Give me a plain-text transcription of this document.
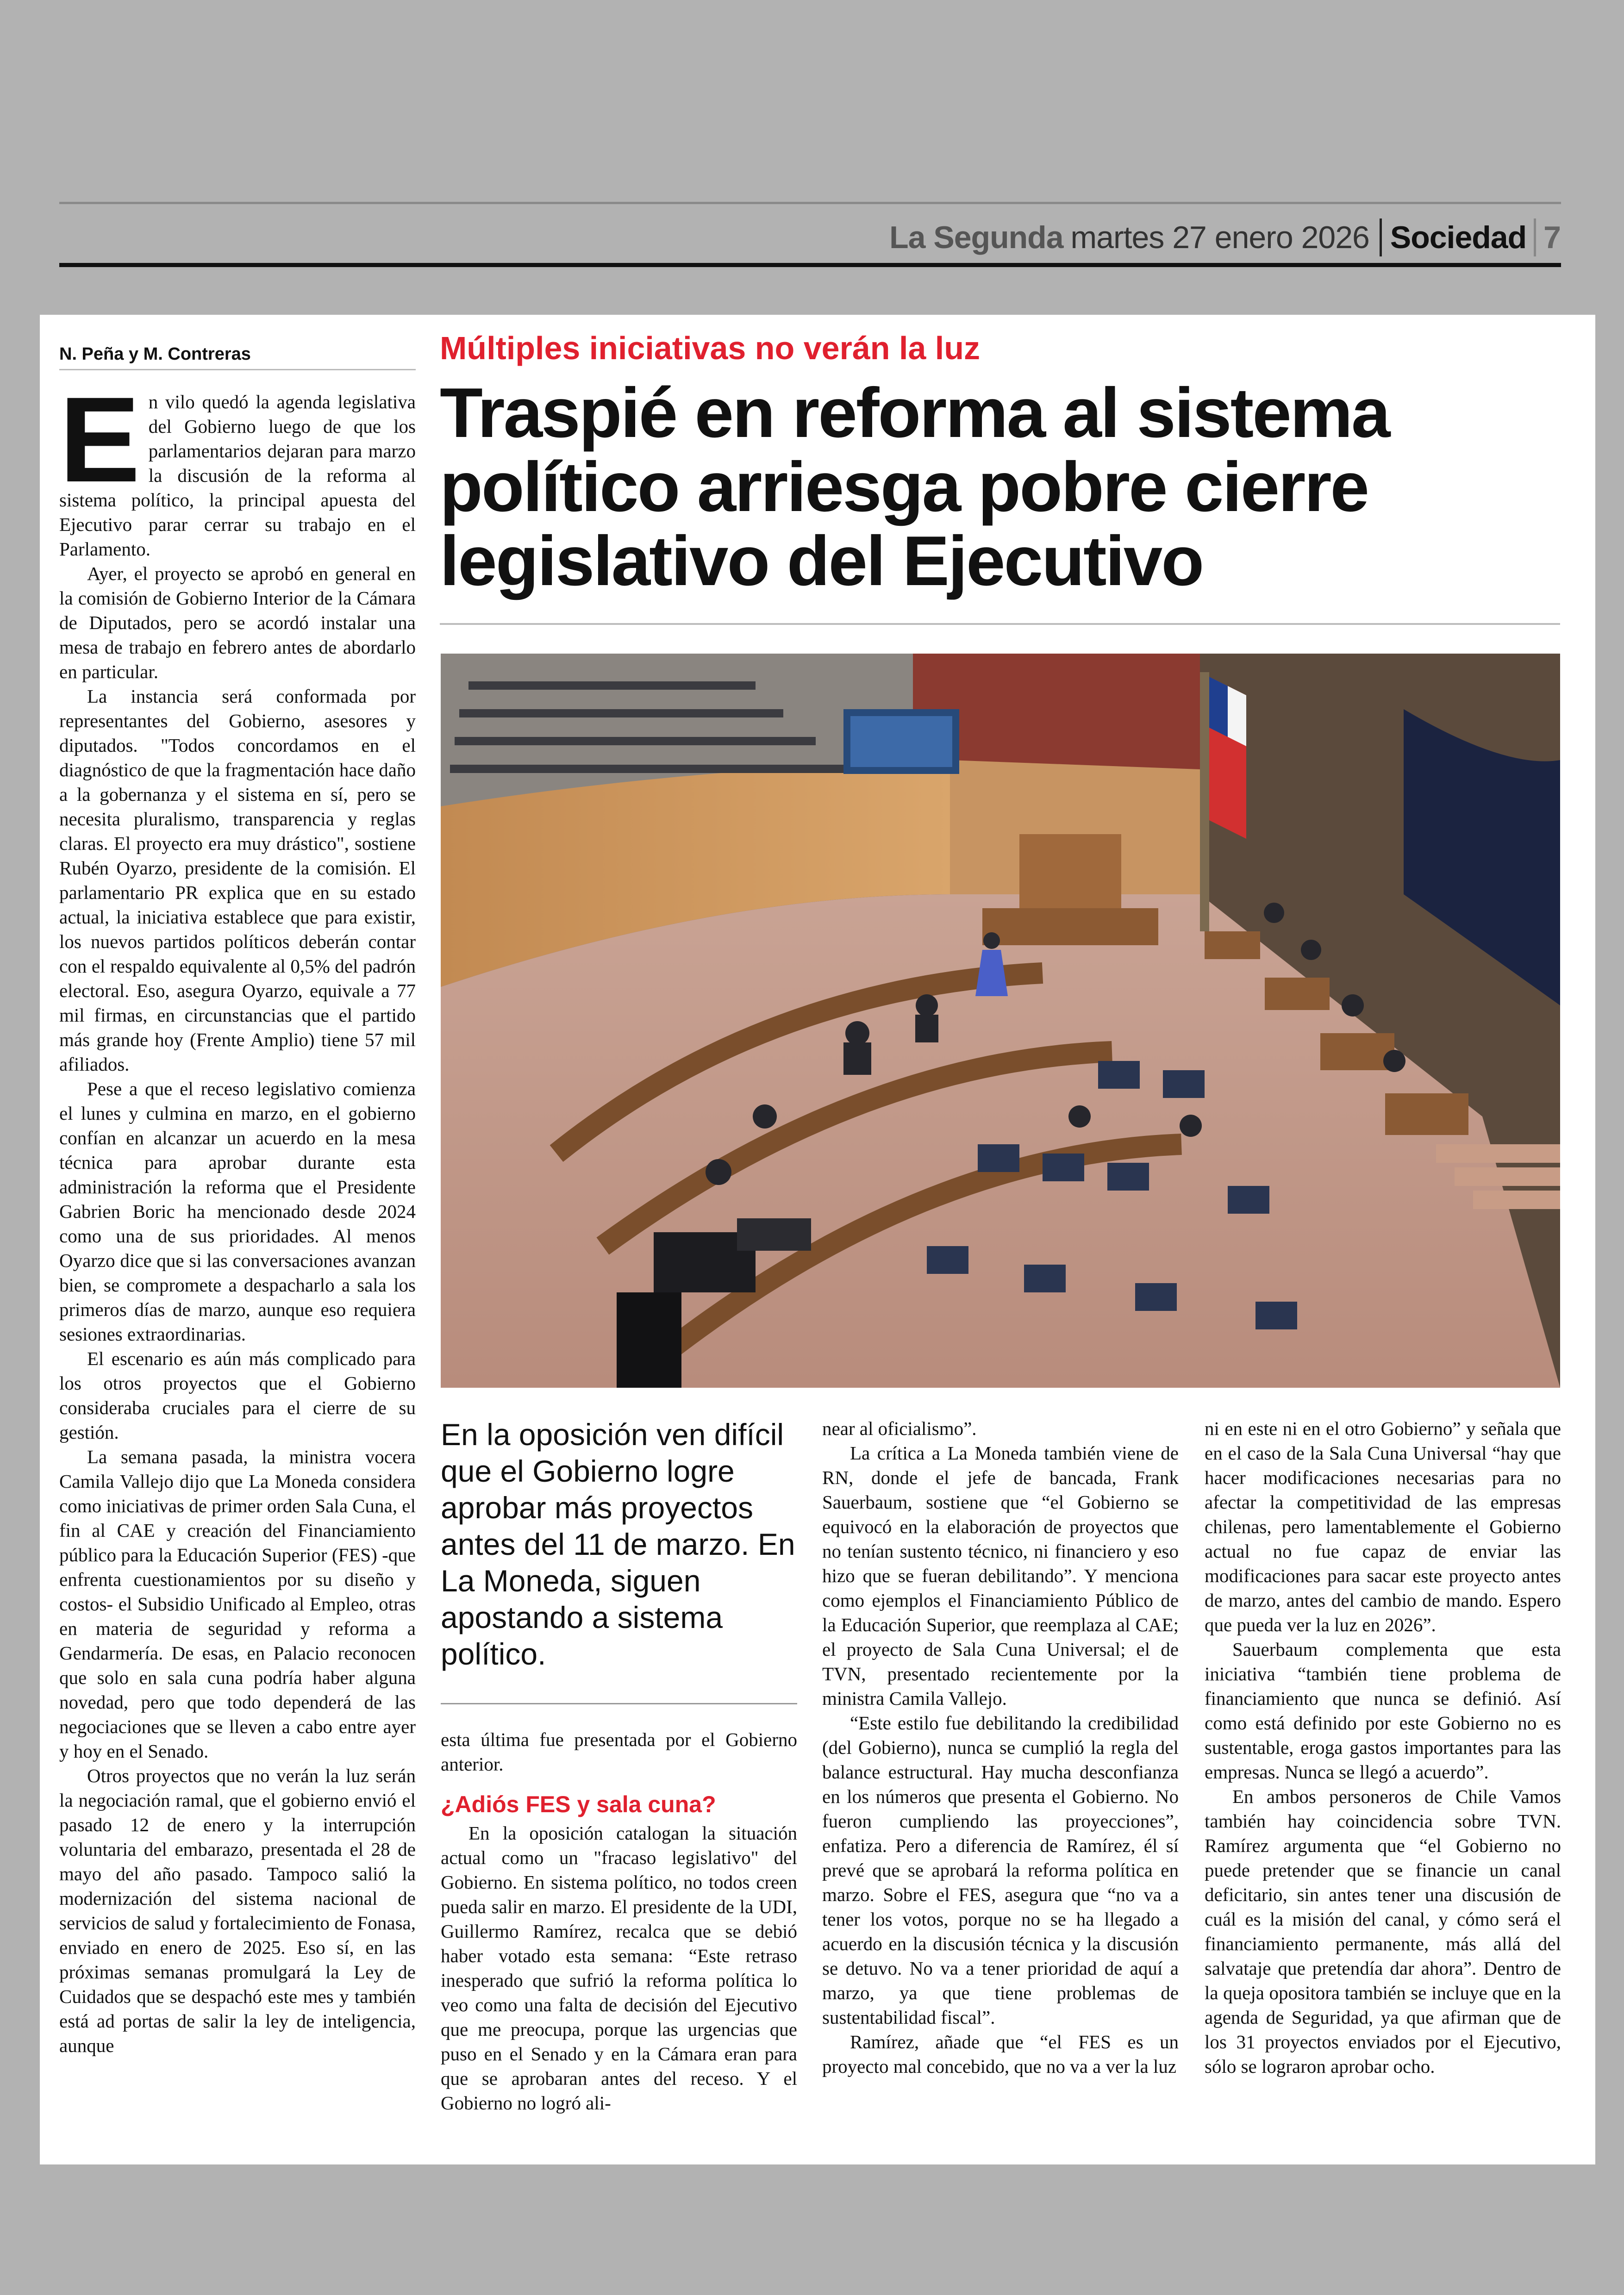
La Segunda martes 27 enero 2026 Sociedad 7
N. Peña y M. Contreras

En vilo quedó la agenda legislativa del Gobierno luego de que los parlamentarios dejaran para marzo la discusión de la reforma al sistema político, la principal apuesta del Ejecutivo parar cerrar su trabajo en el Parlamento.

Ayer, el proyecto se aprobó en general en la comisión de Gobierno Interior de la Cámara de Diputados, pero se acordó instalar una mesa de trabajo en febrero antes de abordarlo en particular.

La instancia será conformada por representantes del Gobierno, asesores y diputados. "Todos concordamos en el diagnóstico de que la fragmentación hace daño a la gobernanza y el sistema en sí, pero se necesita pluralismo, transparencia y reglas claras. El proyecto era muy drástico", sostiene Rubén Oyarzo, presidente de la comisión. El parlamentario PR explica que en su estado actual, la iniciativa establece que para existir, los nuevos partidos políticos deberán contar con el respaldo equivalente al 0,5% del padrón electoral. Eso, asegura Oyarzo, equivale a 77 mil firmas, en circunstancias que el partido más grande hoy (Frente Amplio) tiene 57 mil afiliados.

Pese a que el receso legislativo comienza el lunes y culmina en marzo, en el gobierno confían en alcanzar un acuerdo en la mesa técnica para aprobar durante esta administración la reforma que el Presidente Gabrien Boric ha mencionado desde 2024 como una de sus prioridades. Al menos Oyarzo dice que si las conversaciones avanzan bien, se compromete a despacharlo a sala los primeros días de marzo, aunque eso requiera sesiones extraordinarias.

El escenario es aún más complicado para los otros proyectos que el Gobierno consideraba cruciales para el cierre de su gestión.

La semana pasada, la ministra vocera Camila Vallejo dijo que La Moneda considera como iniciativas de primer orden Sala Cuna, el fin al CAE y creación del Financiamiento público para la Educación Superior (FES) -que enfrenta cuestionamientos por su diseño y costos- el Subsidio Unificado al Empleo, otras en materia de seguridad y reforma a Gendarmería. De esas, en Palacio reconocen que solo en sala cuna podría haber alguna novedad, pero que todo dependerá de las negociaciones que se lleven a cabo entre ayer y hoy en el Senado.

Otros proyectos que no verán la luz serán la negociación ramal, que el gobierno envió el pasado 12 de enero y la interrupción voluntaria del embarazo, presentada el 28 de mayo del año pasado. Tampoco salió la modernización del sistema nacional de servicios de salud y fortalecimiento de Fonasa, enviado en enero de 2025. Eso sí, en las próximas semanas promulgará la Ley de Cuidados que se despachó este mes y también está ad portas de salir la ley de inteligencia, aunque

Múltiples iniciativas no verán la luz
Traspié en reforma al sistema político arriesga pobre cierre legislativo del Ejecutivo
En la oposición ven difícil que el Gobierno logre aprobar más proyectos antes del 11 de marzo. En La Moneda, siguen apostando a sistema político.

esta última fue presentada por el Gobierno anterior.

¿Adiós FES y sala cuna?

En la oposición catalogan la situación actual como un "fracaso legislativo" del Gobierno. En sistema político, no todos creen pueda salir en marzo. El presidente de la UDI, Guillermo Ramírez, recalca que se debió haber votado esta semana: “Este retraso inesperado que sufrió la reforma política lo veo como una falta de decisión del Ejecutivo que me preocupa, porque las urgencias que puso en el Senado y en la Cámara eran para que se aprobaran antes del receso. Y el Gobierno no logró ali-

near al oficialismo”.

La crítica a La Moneda también viene de RN, donde el jefe de bancada, Frank Sauerbaum, sostiene que “el Gobierno se equivocó en la elaboración de proyectos que no tenían sustento técnico, ni financiero y eso hizo que se fueran debilitando”. Y menciona como ejemplos el Financiamiento Público de la Educación Superior, que reemplaza al CAE; el proyecto de Sala Cuna Universal; el de TVN, presentado recientemente por la ministra Camila Vallejo.

“Este estilo fue debilitando la credibilidad (del Gobierno), nunca se cumplió la regla del balance estructural. Hay mucha desconfianza en los números que presenta el Gobierno. No fueron cumpliendo las proyecciones”, enfatiza. Pero a diferencia de Ramírez, él sí prevé que se aprobará la reforma política en marzo. Sobre el FES, asegura que “no va a tener los votos, porque no se ha llegado a acuerdo en la discusión técnica y la discusión se detuvo. No va a tener prioridad de aquí a marzo, ya que tiene problemas de sustentabilidad fiscal”.

Ramírez, añade que “el FES es un proyecto mal concebido, que no va a ver la luz

ni en este ni en el otro Gobierno” y señala que en el caso de la Sala Cuna Universal “hay que hacer modificaciones necesarias para no afectar la competitividad de las empresas chilenas, pero lamentablemente el Gobierno actual no fue capaz de enviar las modificaciones para sacar este proyecto antes de marzo, antes del cambio de mando. Espero que pueda ver la luz en 2026”.

Sauerbaum complementa que esta iniciativa “también tiene problema de financiamiento que nunca se definió. Así como está definido por este Gobierno no es sustentable, eroga gastos importantes para las empresas. Nunca se llegó a acuerdo”.

En ambos personeros de Chile Vamos también hay coincidencia sobre TVN. Ramírez argumenta que “el Gobierno no puede pretender que se financie un canal deficitario, sin antes tener una discusión de cuál es la misión del canal, y cómo será el financiamiento permanente, más allá del salvataje que pretendía dar ahora”. Dentro de la queja opositora también se incluye que en la agenda de Seguridad, ya que afirman que de los 31 proyectos enviados por el Ejecutivo, sólo se lograron aprobar ocho.
